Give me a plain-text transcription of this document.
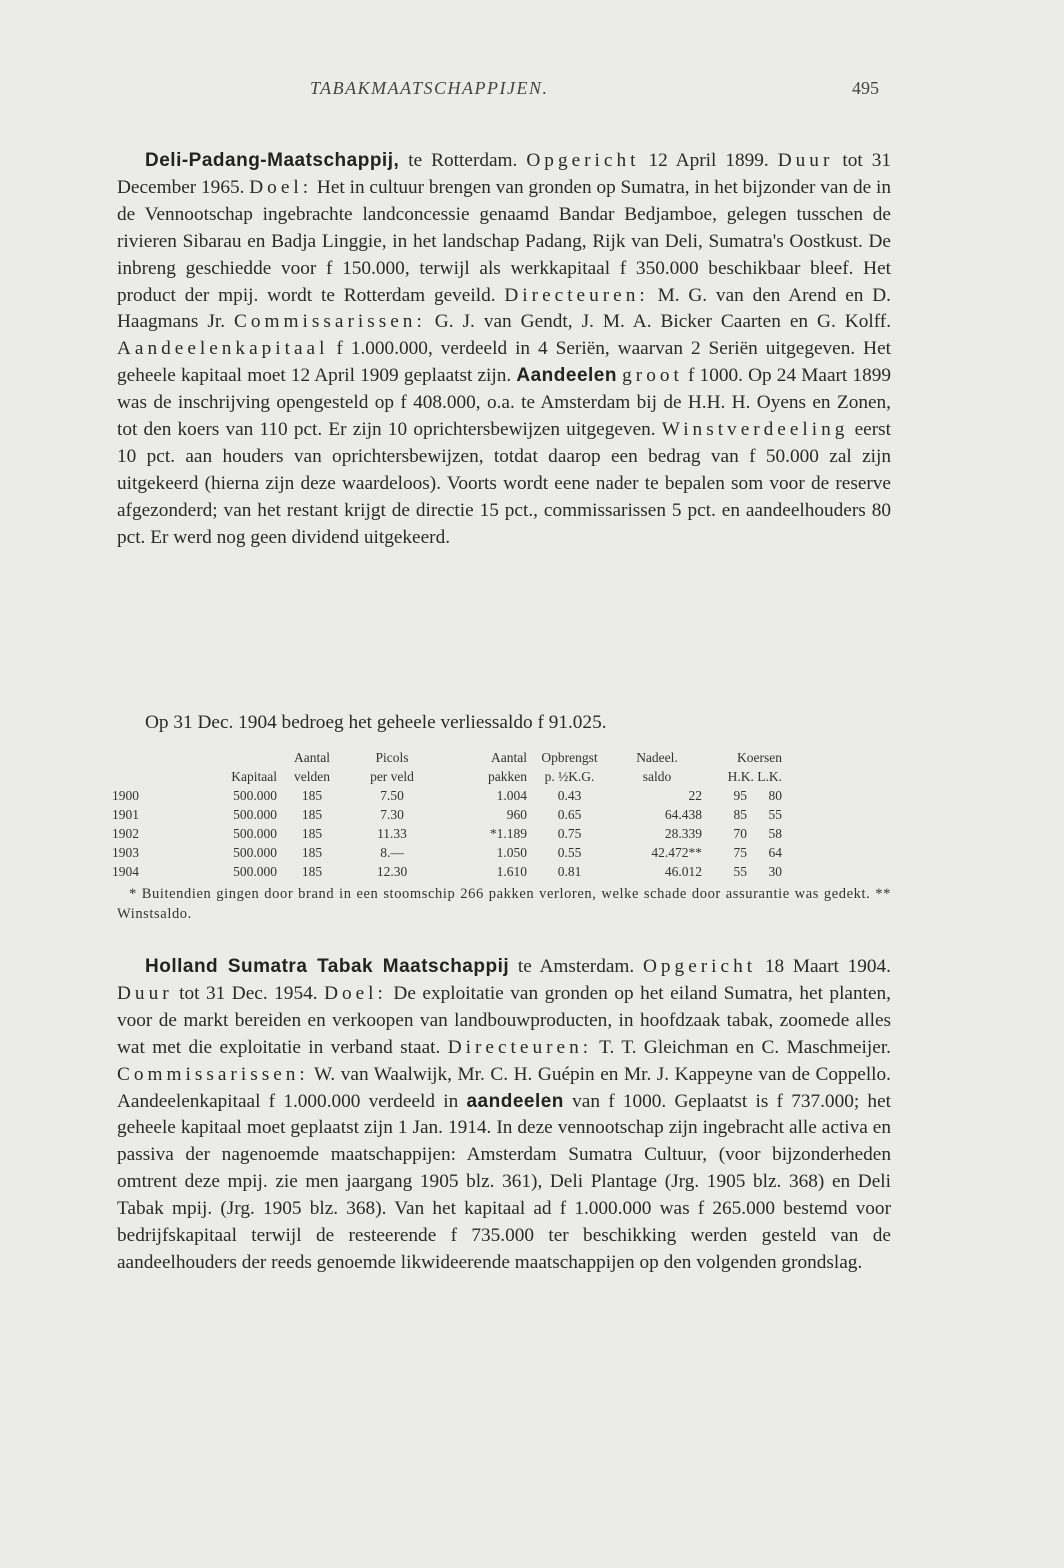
TABAKMAATSCHAPPIJEN.	495
Deli-Padang-Maatschappij, te Rotterdam. Opgericht 12 April 1899. Duur tot 31 December 1965. Doel: Het in cultuur brengen van gronden op Sumatra, in het bijzonder van de in de Vennootschap ingebrachte landconcessie genaamd Bandar Bedjamboe, gelegen tusschen de rivieren Sibarau en Badja Linggie, in het landschap Padang, Rijk van Deli, Sumatra's Oostkust. De inbreng geschiedde voor f 150.000, terwijl als werkkapitaal f 350.000 beschikbaar bleef. Het product der mpij. wordt te Rotterdam geveild. Directeuren: M. G. van den Arend en D. Haagmans Jr. Commissarissen: G. J. van Gendt, J. M. A. Bicker Caarten en G. Kolff. Aandeelenkapitaal f 1.000.000, verdeeld in 4 Seriën, waarvan 2 Seriën uitgegeven. Het geheele kapitaal moet 12 April 1909 geplaatst zijn. Aandeelen groot f 1000. Op 24 Maart 1899 was de inschrijving opengesteld op f 408.000, o.a. te Amsterdam bij de H.H. H. Oyens en Zonen, tot den koers van 110 pct. Er zijn 10 oprichtersbewijzen uitgegeven. Winstverdeeling eerst 10 pct. aan houders van oprichtersbewijzen, totdat daarop een bedrag van f 50.000 zal zijn uitgekeerd (hierna zijn deze waardeloos). Voorts wordt eene nader te bepalen som voor de reserve afgezonderd; van het restant krijgt de directie 15 pct., commissarissen 5 pct. en aandeelhouders 80 pct. Er werd nog geen dividend uitgekeerd.
Op 31 Dec. 1904 bedroeg het geheele verliessaldo f 91.025.
		Aantal	Picols	Aantal	Opbrengst	Nadeel.	Koersen	
	Kapitaal	velden	per veld	pakken	p. ½K.G.	saldo	H.K. L.K.	
1900	500.000	185	7.50	1.004	0.43	22	95	80
1901	500.000	185	7.30	960	0.65	64.438	85	55
1902	500.000	185	11.33	*1.189	0.75	28.339	70	58
1903	500.000	185	8.—	1.050	0.55	42.472**	75	64
1904	500.000	185	12.30	1.610	0.81	46.012	55	30
* Buitendien gingen door brand in een stoomschip 266 pakken verloren, welke schade door assurantie was gedekt. ** Winstsaldo.
Holland Sumatra Tabak Maatschappij te Amsterdam. Opgericht 18 Maart 1904. Duur tot 31 Dec. 1954. Doel: De exploitatie van gronden op het eiland Sumatra, het planten, voor de markt bereiden en verkoopen van landbouwproducten, in hoofdzaak tabak, zoomede alles wat met die exploitatie in verband staat. Directeuren: T. T. Gleichman en C. Maschmeijer. Commissarissen: W. van Waalwijk, Mr. C. H. Guépin en Mr. J. Kappeyne van de Coppello. Aandeelenkapitaal f 1.000.000 verdeeld in aandeelen van f 1000. Geplaatst is f 737.000; het geheele kapitaal moet geplaatst zijn 1 Jan. 1914. In deze vennootschap zijn ingebracht alle activa en passiva der nagenoemde maatschappijen: Amsterdam Sumatra Cultuur, (voor bijzonderheden omtrent deze mpij. zie men jaargang 1905 blz. 361), Deli Plantage (Jrg. 1905 blz. 368) en Deli Tabak mpij. (Jrg. 1905 blz. 368). Van het kapitaal ad f 1.000.000 was f 265.000 bestemd voor bedrijfskapitaal terwijl de resteerende f 735.000 ter beschikking werden gesteld van de aandeelhouders der reeds genoemde likwideerende maatschappijen op den volgenden grondslag.
